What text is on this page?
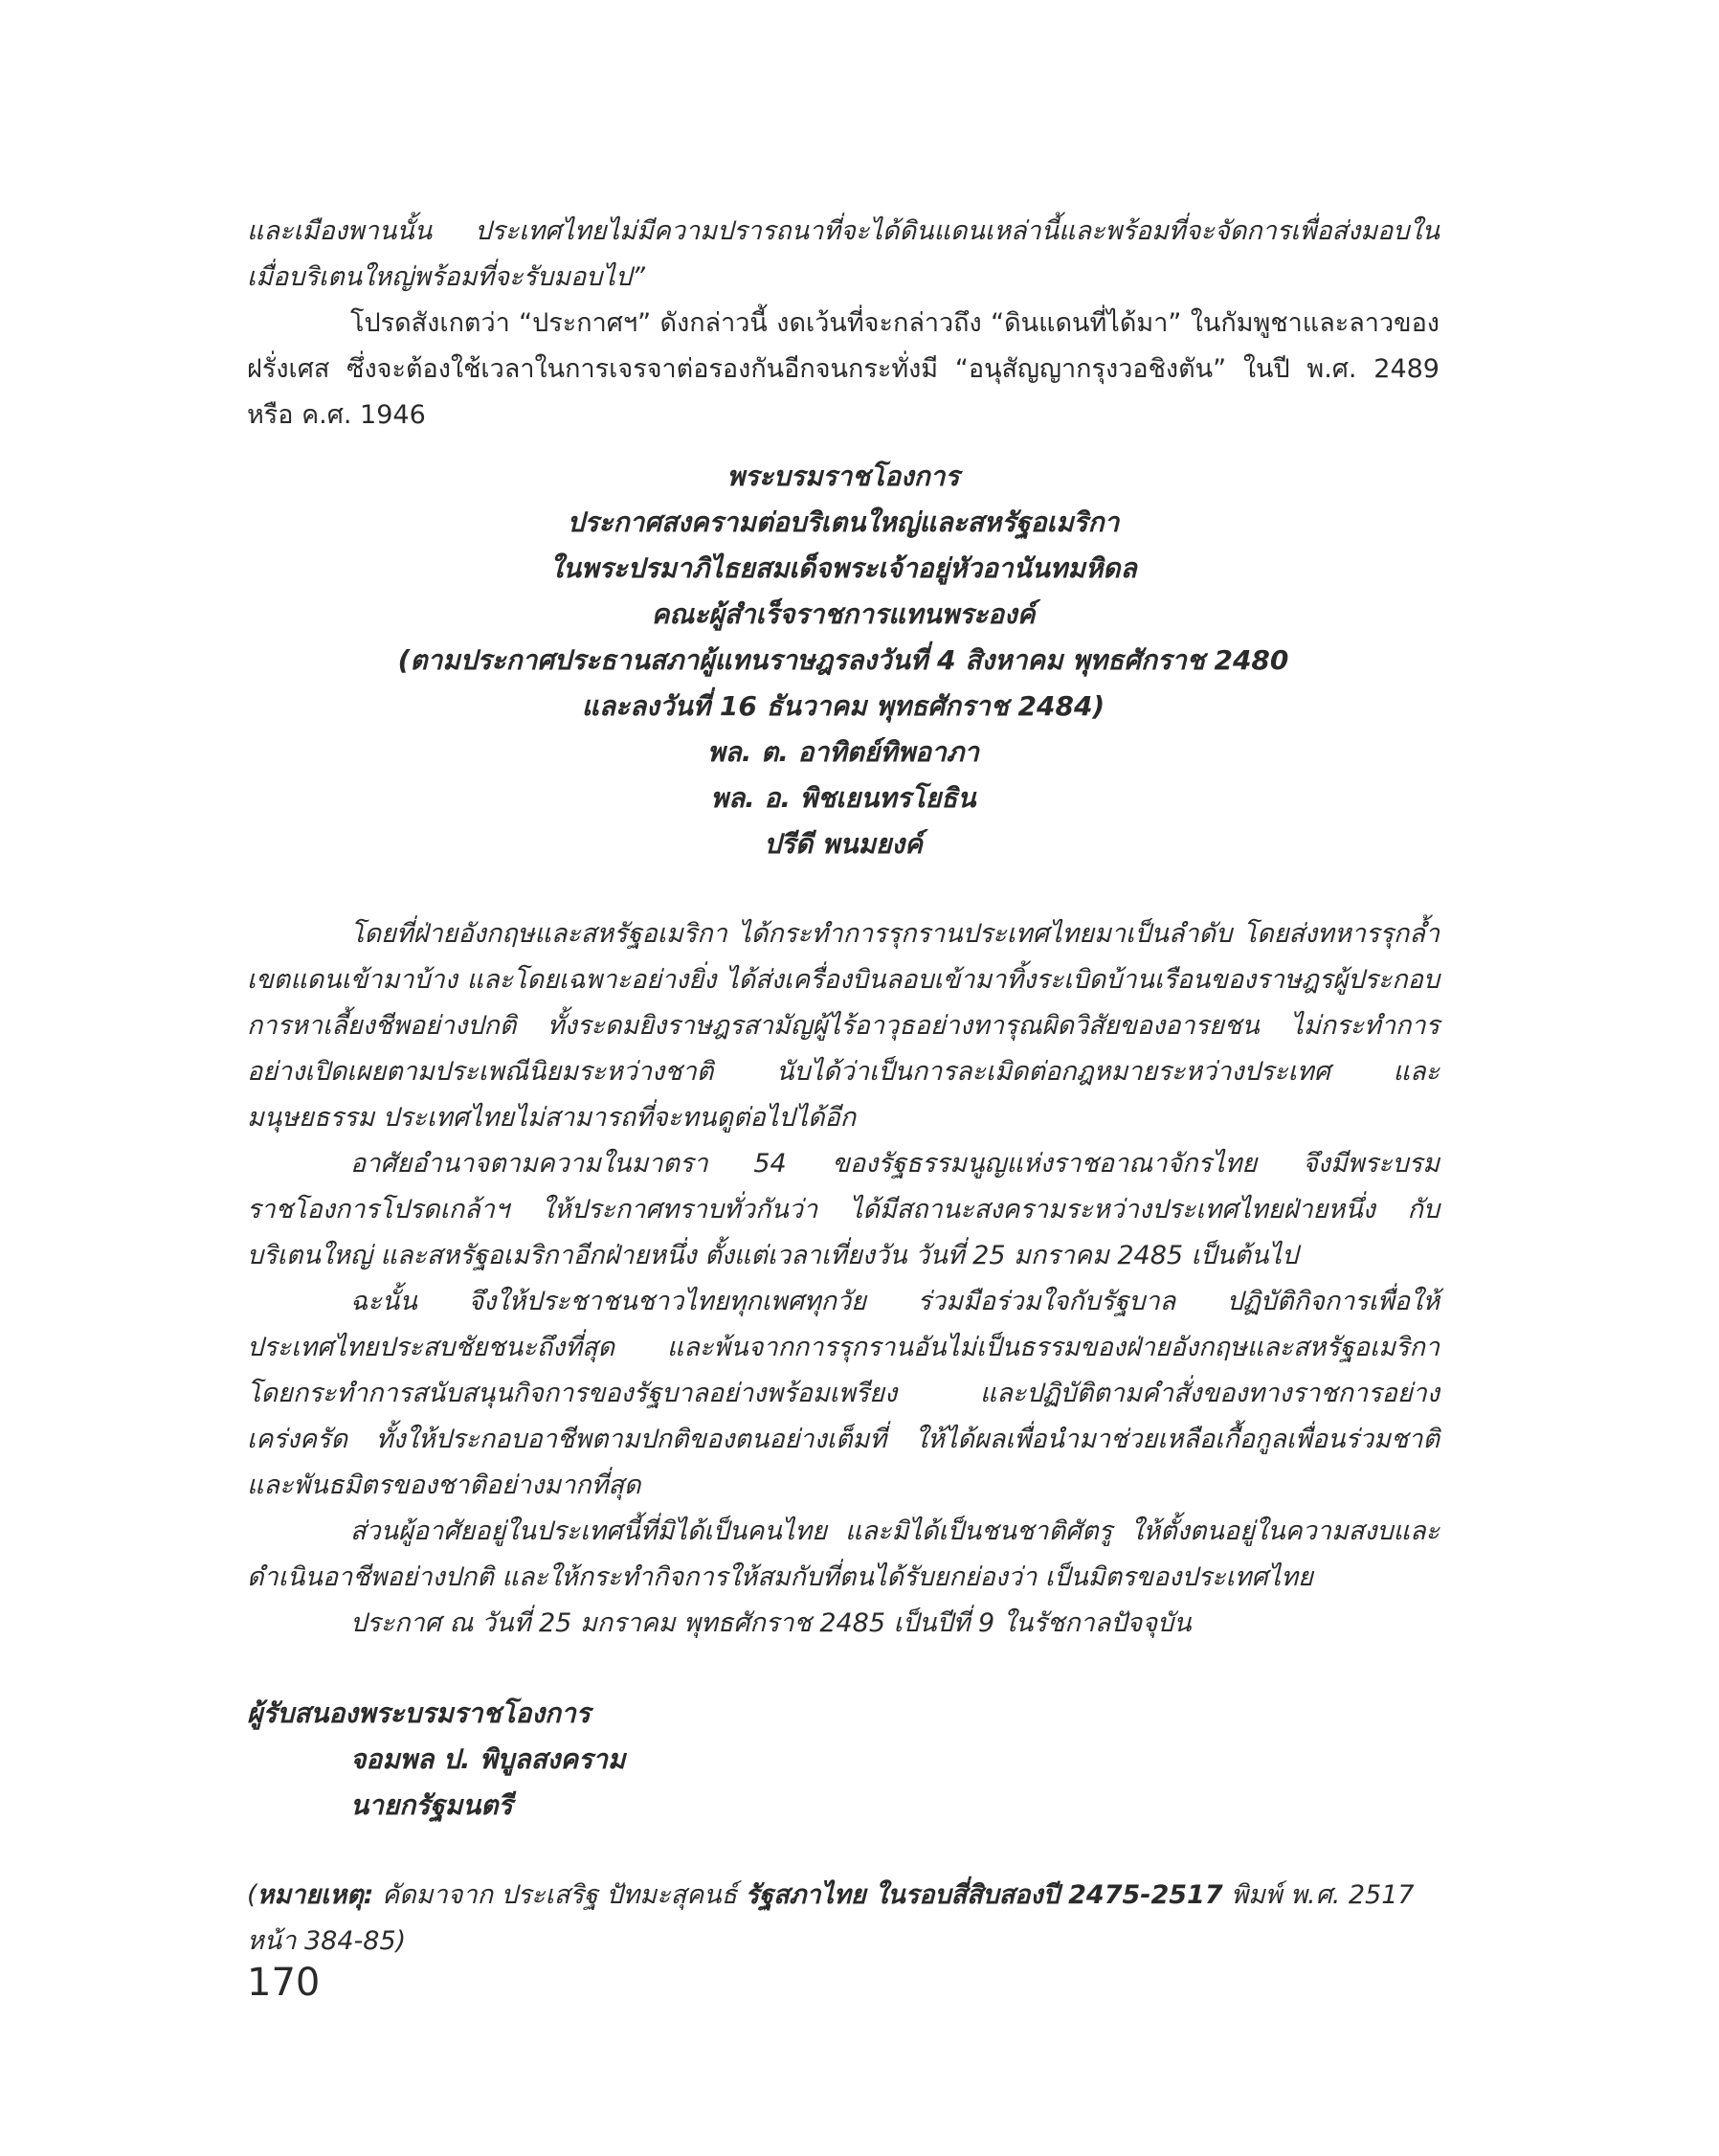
และเมืองพานนั้น ประเทศไทยไม่มีความปรารถนาที่จะได้ดินแดนเหล่านี้และพร้อมที่จะจัดการเพื่อส่งมอบในเมื่อบริเตนใหญ่พร้อมที่จะรับมอบไป”

โปรดสังเกตว่า “ประกาศฯ” ดังกล่าวนี้ งดเว้นที่จะกล่าวถึง “ดินแดนที่ได้มา” ในกัมพูชาและลาวของฝรั่งเศส ซึ่งจะต้องใช้เวลาในการเจรจาต่อรองกันอีกจนกระทั่งมี “อนุสัญญากรุงวอชิงตัน” ในปี พ.ศ. 2489 หรือ ค.ศ. 1946

พระบรมราชโองการ
ประกาศสงครามต่อบริเตนใหญ่และสหรัฐอเมริกา
ในพระปรมาภิไธยสมเด็จพระเจ้าอยู่หัวอานันทมหิดล
คณะผู้สำเร็จราชการแทนพระองค์
(ตามประกาศประธานสภาผู้แทนราษฎรลงวันที่ 4 สิงหาคม พุทธศักราช 2480
และลงวันที่ 16 ธันวาคม พุทธศักราช 2484)
พล. ต. อาทิตย์ทิพอาภา
พล. อ. พิชเยนทรโยธิน
ปรีดี พนมยงค์

โดยที่ฝ่ายอังกฤษและสหรัฐอเมริกา ได้กระทำการรุกรานประเทศไทยมาเป็นลำดับ โดยส่งทหารรุกล้ำเขตแดนเข้ามาบ้าง และโดยเฉพาะอย่างยิ่ง ได้ส่งเครื่องบินลอบเข้ามาทิ้งระเบิดบ้านเรือนของราษฎรผู้ประกอบการหาเลี้ยงชีพอย่างปกติ ทั้งระดมยิงราษฎรสามัญผู้ไร้อาวุธอย่างทารุณผิดวิสัยของอารยชน ไม่กระทำการอย่างเปิดเผยตามประเพณีนิยมระหว่างชาติ นับได้ว่าเป็นการละเมิดต่อกฎหมายระหว่างประเทศ และมนุษยธรรม ประเทศไทยไม่สามารถที่จะทนดูต่อไปได้อีก

อาศัยอำนาจตามความในมาตรา 54 ของรัฐธรรมนูญแห่งราชอาณาจักรไทย จึงมีพระบรมราชโองการโปรดเกล้าฯ ให้ประกาศทราบทั่วกันว่า ได้มีสถานะสงครามระหว่างประเทศไทยฝ่ายหนึ่ง กับบริเตนใหญ่ และสหรัฐอเมริกาอีกฝ่ายหนึ่ง ตั้งแต่เวลาเที่ยงวัน วันที่ 25 มกราคม 2485 เป็นต้นไป

ฉะนั้น จึงให้ประชาชนชาวไทยทุกเพศทุกวัย ร่วมมือร่วมใจกับรัฐบาล ปฏิบัติกิจการเพื่อให้ประเทศไทยประสบชัยชนะถึงที่สุด และพ้นจากการรุกรานอันไม่เป็นธรรมของฝ่ายอังกฤษและสหรัฐอเมริกาโดยกระทำการสนับสนุนกิจการของรัฐบาลอย่างพร้อมเพรียง และปฏิบัติตามคำสั่งของทางราชการอย่างเคร่งครัด ทั้งให้ประกอบอาชีพตามปกติของตนอย่างเต็มที่ ให้ได้ผลเพื่อนำมาช่วยเหลือเกื้อกูลเพื่อนร่วมชาติและพันธมิตรของชาติอย่างมากที่สุด

ส่วนผู้อาศัยอยู่ในประเทศนี้ที่มิได้เป็นคนไทย และมิได้เป็นชนชาติศัตรู ให้ตั้งตนอยู่ในความสงบและดำเนินอาชีพอย่างปกติ และให้กระทำกิจการให้สมกับที่ตนได้รับยกย่องว่า เป็นมิตรของประเทศไทย

ประกาศ ณ วันที่ 25 มกราคม พุทธศักราช 2485 เป็นปีที่ 9 ในรัชกาลปัจจุบัน

ผู้รับสนองพระบรมราชโองการ
จอมพล ป. พิบูลสงคราม
นายกรัฐมนตรี

(หมายเหตุ: คัดมาจาก ประเสริฐ ปัทมะสุคนธ์ รัฐสภาไทย ในรอบสี่สิบสองปี 2475-2517 พิมพ์ พ.ศ. 2517 หน้า 384-85)

170
